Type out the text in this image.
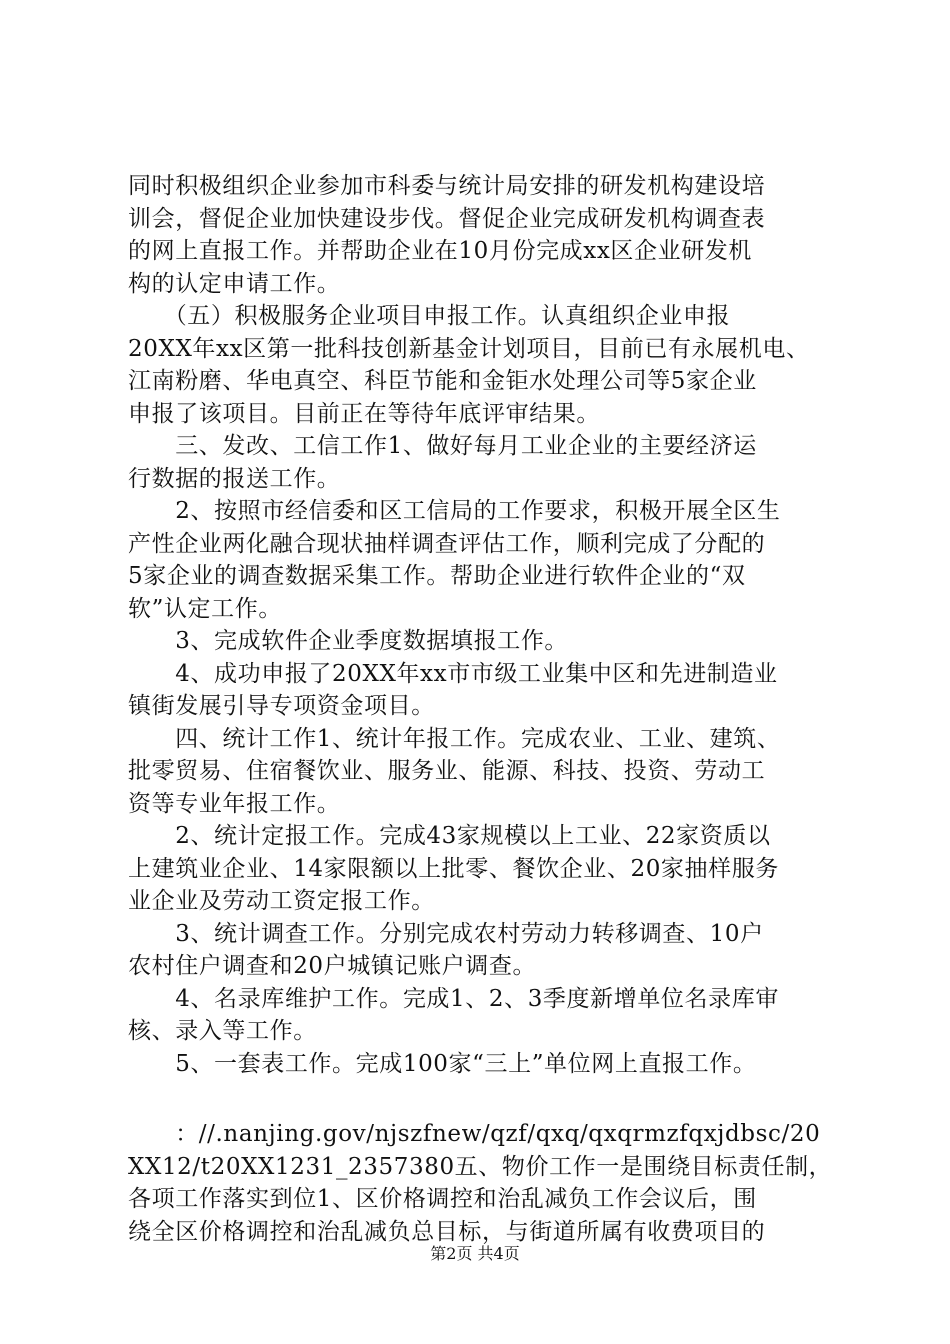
同时积极组织企业参加市科委与统计局安排的研发机构建设培
训会，督促企业加快建设步伐。督促企业完成研发机构调查表
的网上直报工作。并帮助企业在10月份完成xx区企业研发机
构的认定申请工作。
　　（五）积极服务企业项目申报工作。认真组织企业申报
20XX年xx区第一批科技创新基金计划项目，目前已有永展机电、
江南粉磨、华电真空、科臣节能和金钜水处理公司等5家企业
申报了该项目。目前正在等待年底评审结果。
　　三、发改、工信工作1、做好每月工业企业的主要经济运
行数据的报送工作。
　　2、按照市经信委和区工信局的工作要求，积极开展全区生
产性企业两化融合现状抽样调查评估工作，顺利完成了分配的
5家企业的调查数据采集工作。帮助企业进行软件企业的“双
软”认定工作。
　　3、完成软件企业季度数据填报工作。
　　4、成功申报了20XX年xx市市级工业集中区和先进制造业
镇街发展引导专项资金项目。
　　四、统计工作1、统计年报工作。完成农业、工业、建筑、
批零贸易、住宿餐饮业、服务业、能源、科技、投资、劳动工
资等专业年报工作。
　　2、统计定报工作。完成43家规模以上工业、22家资质以
上建筑业企业、14家限额以上批零、餐饮企业、20家抽样服务
业企业及劳动工资定报工作。
　　3、统计调查工作。分别完成农村劳动力转移调查、10户
农村住户调查和20户城镇记账户调查。
　　4、名录库维护工作。完成1、2、3季度新增单位名录库审
核、录入等工作。
　　5、一套表工作。完成100家“三上”单位网上直报工作。
　　：//.nanjing.gov/njszfnew/qzf/qxq/qxqrmzfqxjdbsc/20
XX12/t20XX1231_2357380五、物价工作一是围绕目标责任制，
各项工作落实到位1、区价格调控和治乱减负工作会议后，围
绕全区价格调控和治乱减负总目标，与街道所属有收费项目的
第2页 共4页
